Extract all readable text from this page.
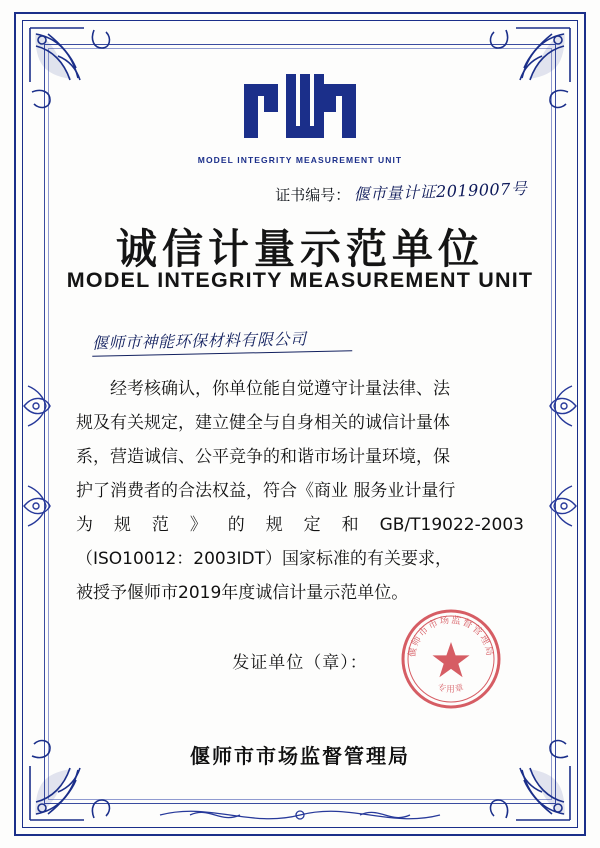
MODEL INTEGRITY MEASUREMENT UNIT
证书编号： 偃市量计证2019007号
诚信计量示范单位
MODEL INTEGRITY MEASUREMENT UNIT
偃师市神能环保材料有限公司

经考核确认，你单位能自觉遵守计量法律、法

规及有关规定，建立健全与自身相关的诚信计量体

系，营造诚信、公平竞争的和谐市场计量环境，保

护了消费者的合法权益，符合《商业 服务业计量行

为 规 范 》 的 规 定 和 GB/T19022-2003

（ISO10012：2003IDT）国家标准的有关要求，

被授予偃师市2019年度诚信计量示范单位。

发证单位（章）：
偃师市市场监督管理局
专用章
偃师市市场监督管理局
